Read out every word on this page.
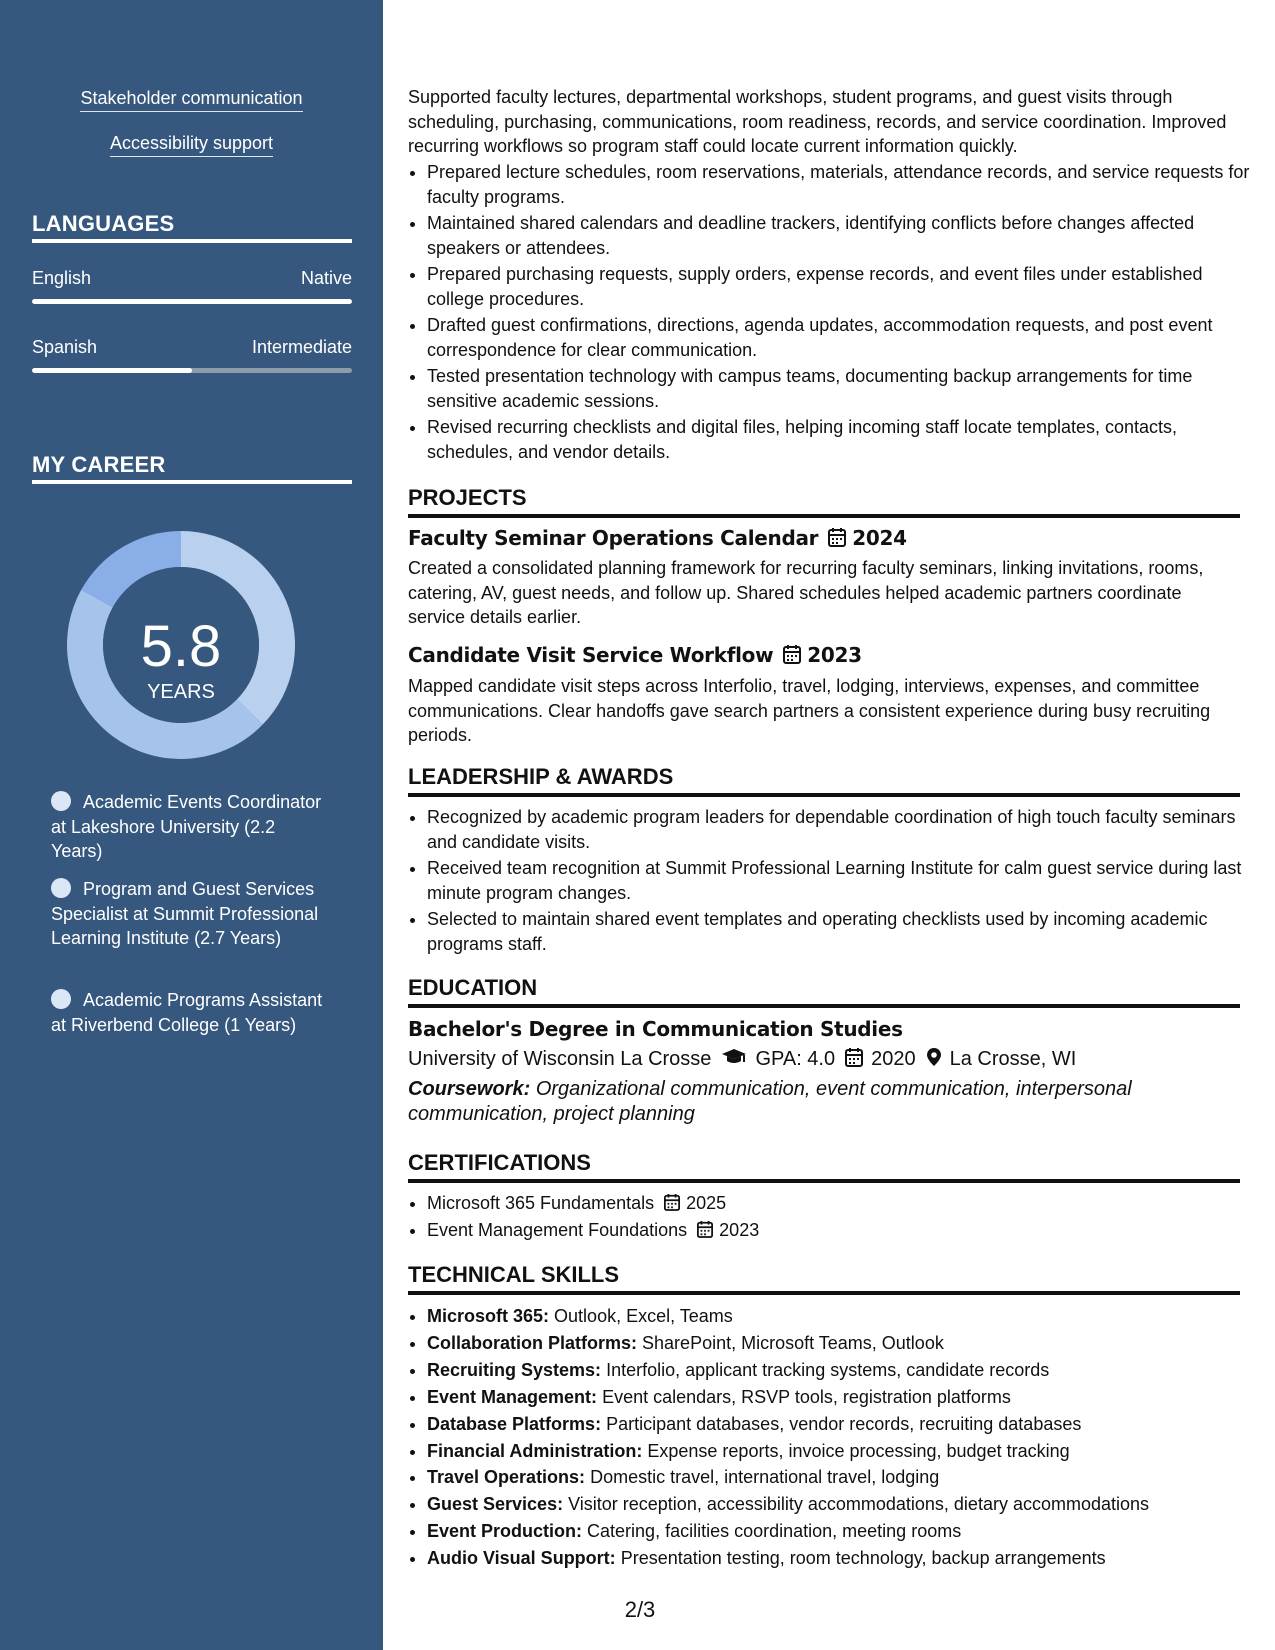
Stakeholder communication
Accessibility support
LANGUAGES
English	Native
Spanish	Intermediate
MY CAREER
5.8
YEARS
Academic Events Coordinator at Lakeshore University (2.2 Years)
Program and Guest Services Specialist at Summit Professional Learning Institute (2.7 Years)
Academic Programs Assistant at Riverbend College (1 Years)
Supported faculty lectures, departmental workshops, student programs, and guest visits through scheduling, purchasing, communications, room readiness, records, and service coordination. Improved recurring workflows so program staff could locate current information quickly.
• Prepared lecture schedules, room reservations, materials, attendance records, and service requests for faculty programs.
• Maintained shared calendars and deadline trackers, identifying conflicts before changes affected speakers or attendees.
• Prepared purchasing requests, supply orders, expense records, and event files under established college procedures.
• Drafted guest confirmations, directions, agenda updates, accommodation requests, and post event correspondence for clear communication.
• Tested presentation technology with campus teams, documenting backup arrangements for time sensitive academic sessions.
• Revised recurring checklists and digital files, helping incoming staff locate templates, contacts, schedules, and vendor details.
PROJECTS
Faculty Seminar Operations Calendar 2024
Created a consolidated planning framework for recurring faculty seminars, linking invitations, rooms, catering, AV, guest needs, and follow up. Shared schedules helped academic partners coordinate service details earlier.
Candidate Visit Service Workflow 2023
Mapped candidate visit steps across Interfolio, travel, lodging, interviews, expenses, and committee communications. Clear handoffs gave search partners a consistent experience during busy recruiting periods.
LEADERSHIP & AWARDS
• Recognized by academic program leaders for dependable coordination of high touch faculty seminars and candidate visits.
• Received team recognition at Summit Professional Learning Institute for calm guest service during last minute program changes.
• Selected to maintain shared event templates and operating checklists used by incoming academic programs staff.
EDUCATION
Bachelor's Degree in Communication Studies
University of Wisconsin La Crosse GPA: 4.0 2020 La Crosse, WI
Coursework: Organizational communication, event communication, interpersonal communication, project planning
CERTIFICATIONS
• Microsoft 365 Fundamentals 2025
• Event Management Foundations 2023
TECHNICAL SKILLS
• Microsoft 365: Outlook, Excel, Teams
• Collaboration Platforms: SharePoint, Microsoft Teams, Outlook
• Recruiting Systems: Interfolio, applicant tracking systems, candidate records
• Event Management: Event calendars, RSVP tools, registration platforms
• Database Platforms: Participant databases, vendor records, recruiting databases
• Financial Administration: Expense reports, invoice processing, budget tracking
• Travel Operations: Domestic travel, international travel, lodging
• Guest Services: Visitor reception, accessibility accommodations, dietary accommodations
• Event Production: Catering, facilities coordination, meeting rooms
• Audio Visual Support: Presentation testing, room technology, backup arrangements
2/3
